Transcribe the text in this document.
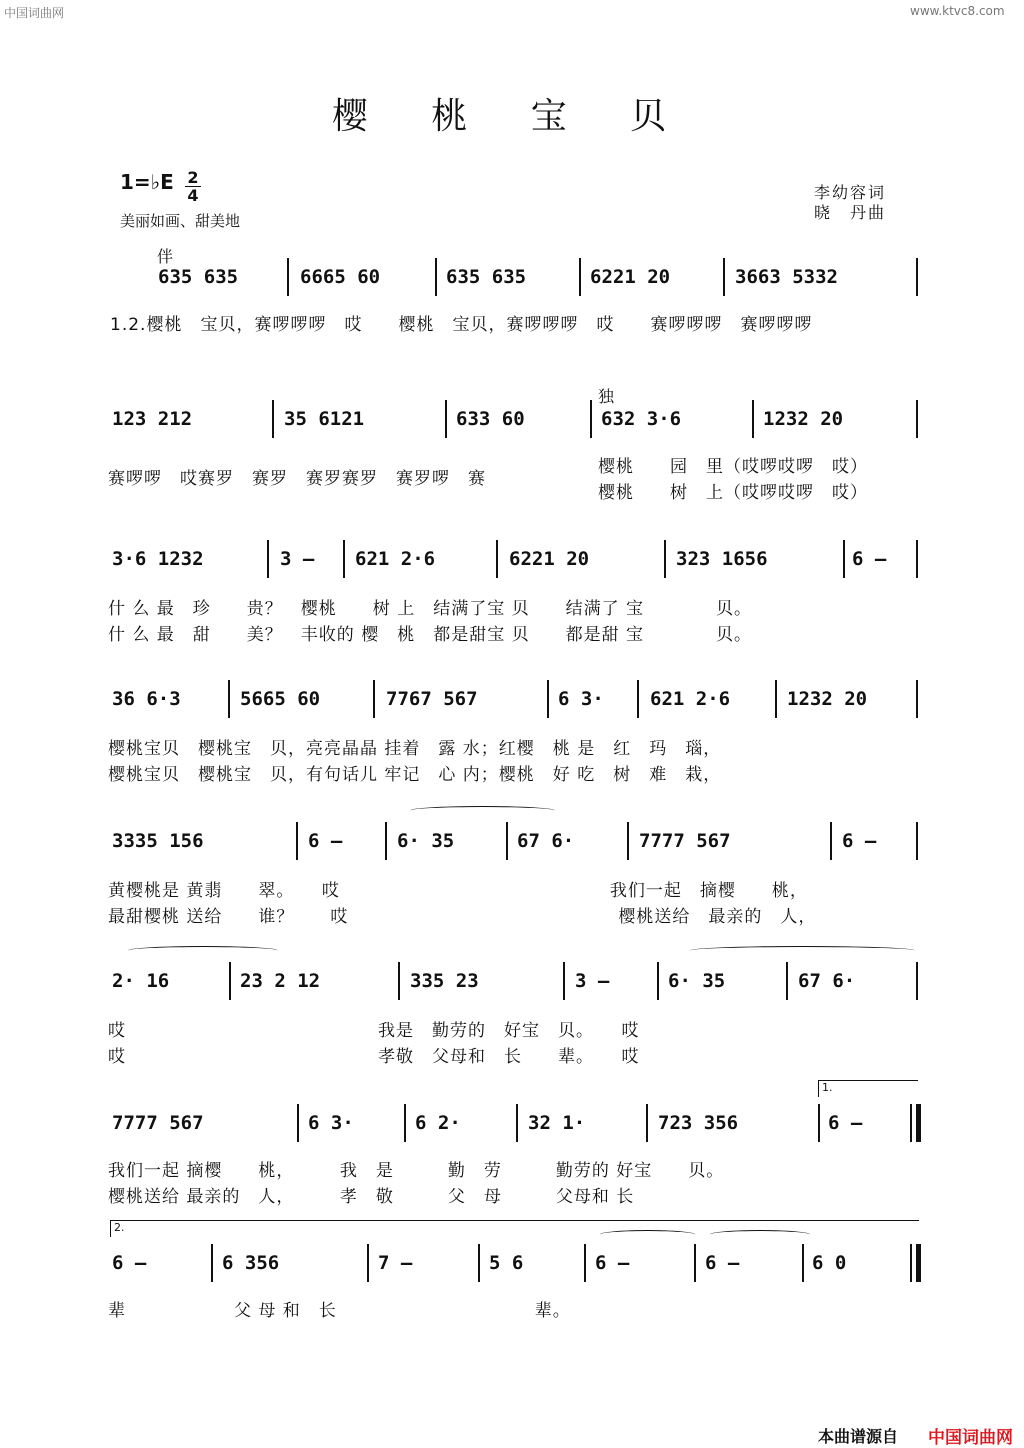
中国词曲网	www.ktvc8.com
樱 桃 宝 贝
1=♭E 2
4
美丽如画、甜美地
李幼容词
晓　丹曲
伴
635 635	6665 60	635 635	6221 20	3663 5332
1.2.樱桃　宝贝，赛啰啰啰　哎　　樱桃　宝贝，赛啰啰啰　哎　　赛啰啰啰　赛啰啰啰
独
123 212	35 6121	633 60	632 3·6	1232 20
赛啰啰　哎赛罗　赛罗　赛罗赛罗　赛罗啰　赛
樱桃　　园　里（哎啰哎啰　哎）
樱桃　　树　上（哎啰哎啰　哎）
3·6 1232	3 – 621 2·6	6221 20	323 1656	6 –
什 么 最　珍　　贵？　樱桃　　树 上　结满了宝 贝　　结满了 宝　　　　贝。
什 么 最　甜　　美？　丰收的 樱　桃　都是甜宝 贝　　都是甜 宝　　　　贝。
36 6·3	5665 60	7767 567	6 3· 621 2·6	1232 20
樱桃宝贝　樱桃宝　贝，亮亮晶晶 挂着　露 水；红樱　桃 是　红　玛　瑙，
樱桃宝贝　樱桃宝　贝，有句话儿 牢记　心 内；樱桃　好 吃　树　难　栽，
3335 156	6 –	6· 35	67 6·	7777 567	6 –
黄樱桃是 黄翡　　翠。　　哎　　　　　　　　　　　　　　　我们一起　摘樱　　桃，
最甜樱桃 送给　　谁？　　哎　　　　　　　　　　　　　　　樱桃送给　最亲的　人，
2· 16	23 2 12	335 23	3 –	6· 35	67 6·
哎　　　　　　　　　　　　　　我是　勤劳的　好宝　贝。　　哎
哎　　　　　　　　　　　　　　孝敬　父母和　长　　辈。　　哎
1.
7777 567	6 3·	6 2·	32 1·	723 356	6 –
我们一起 摘樱　　桃，　　　我　是　　　勤　劳　　　勤劳的 好宝　　贝。
樱桃送给 最亲的　人，　　　孝　敬　　　父　母　　　父母和 长
2.
6 –	6 356	7 –	5 6	6 –	6 –	6 0
辈　　　　　　父 母 和　长　　　　　　　　　　　辈。
本曲谱源自 中国词曲网
